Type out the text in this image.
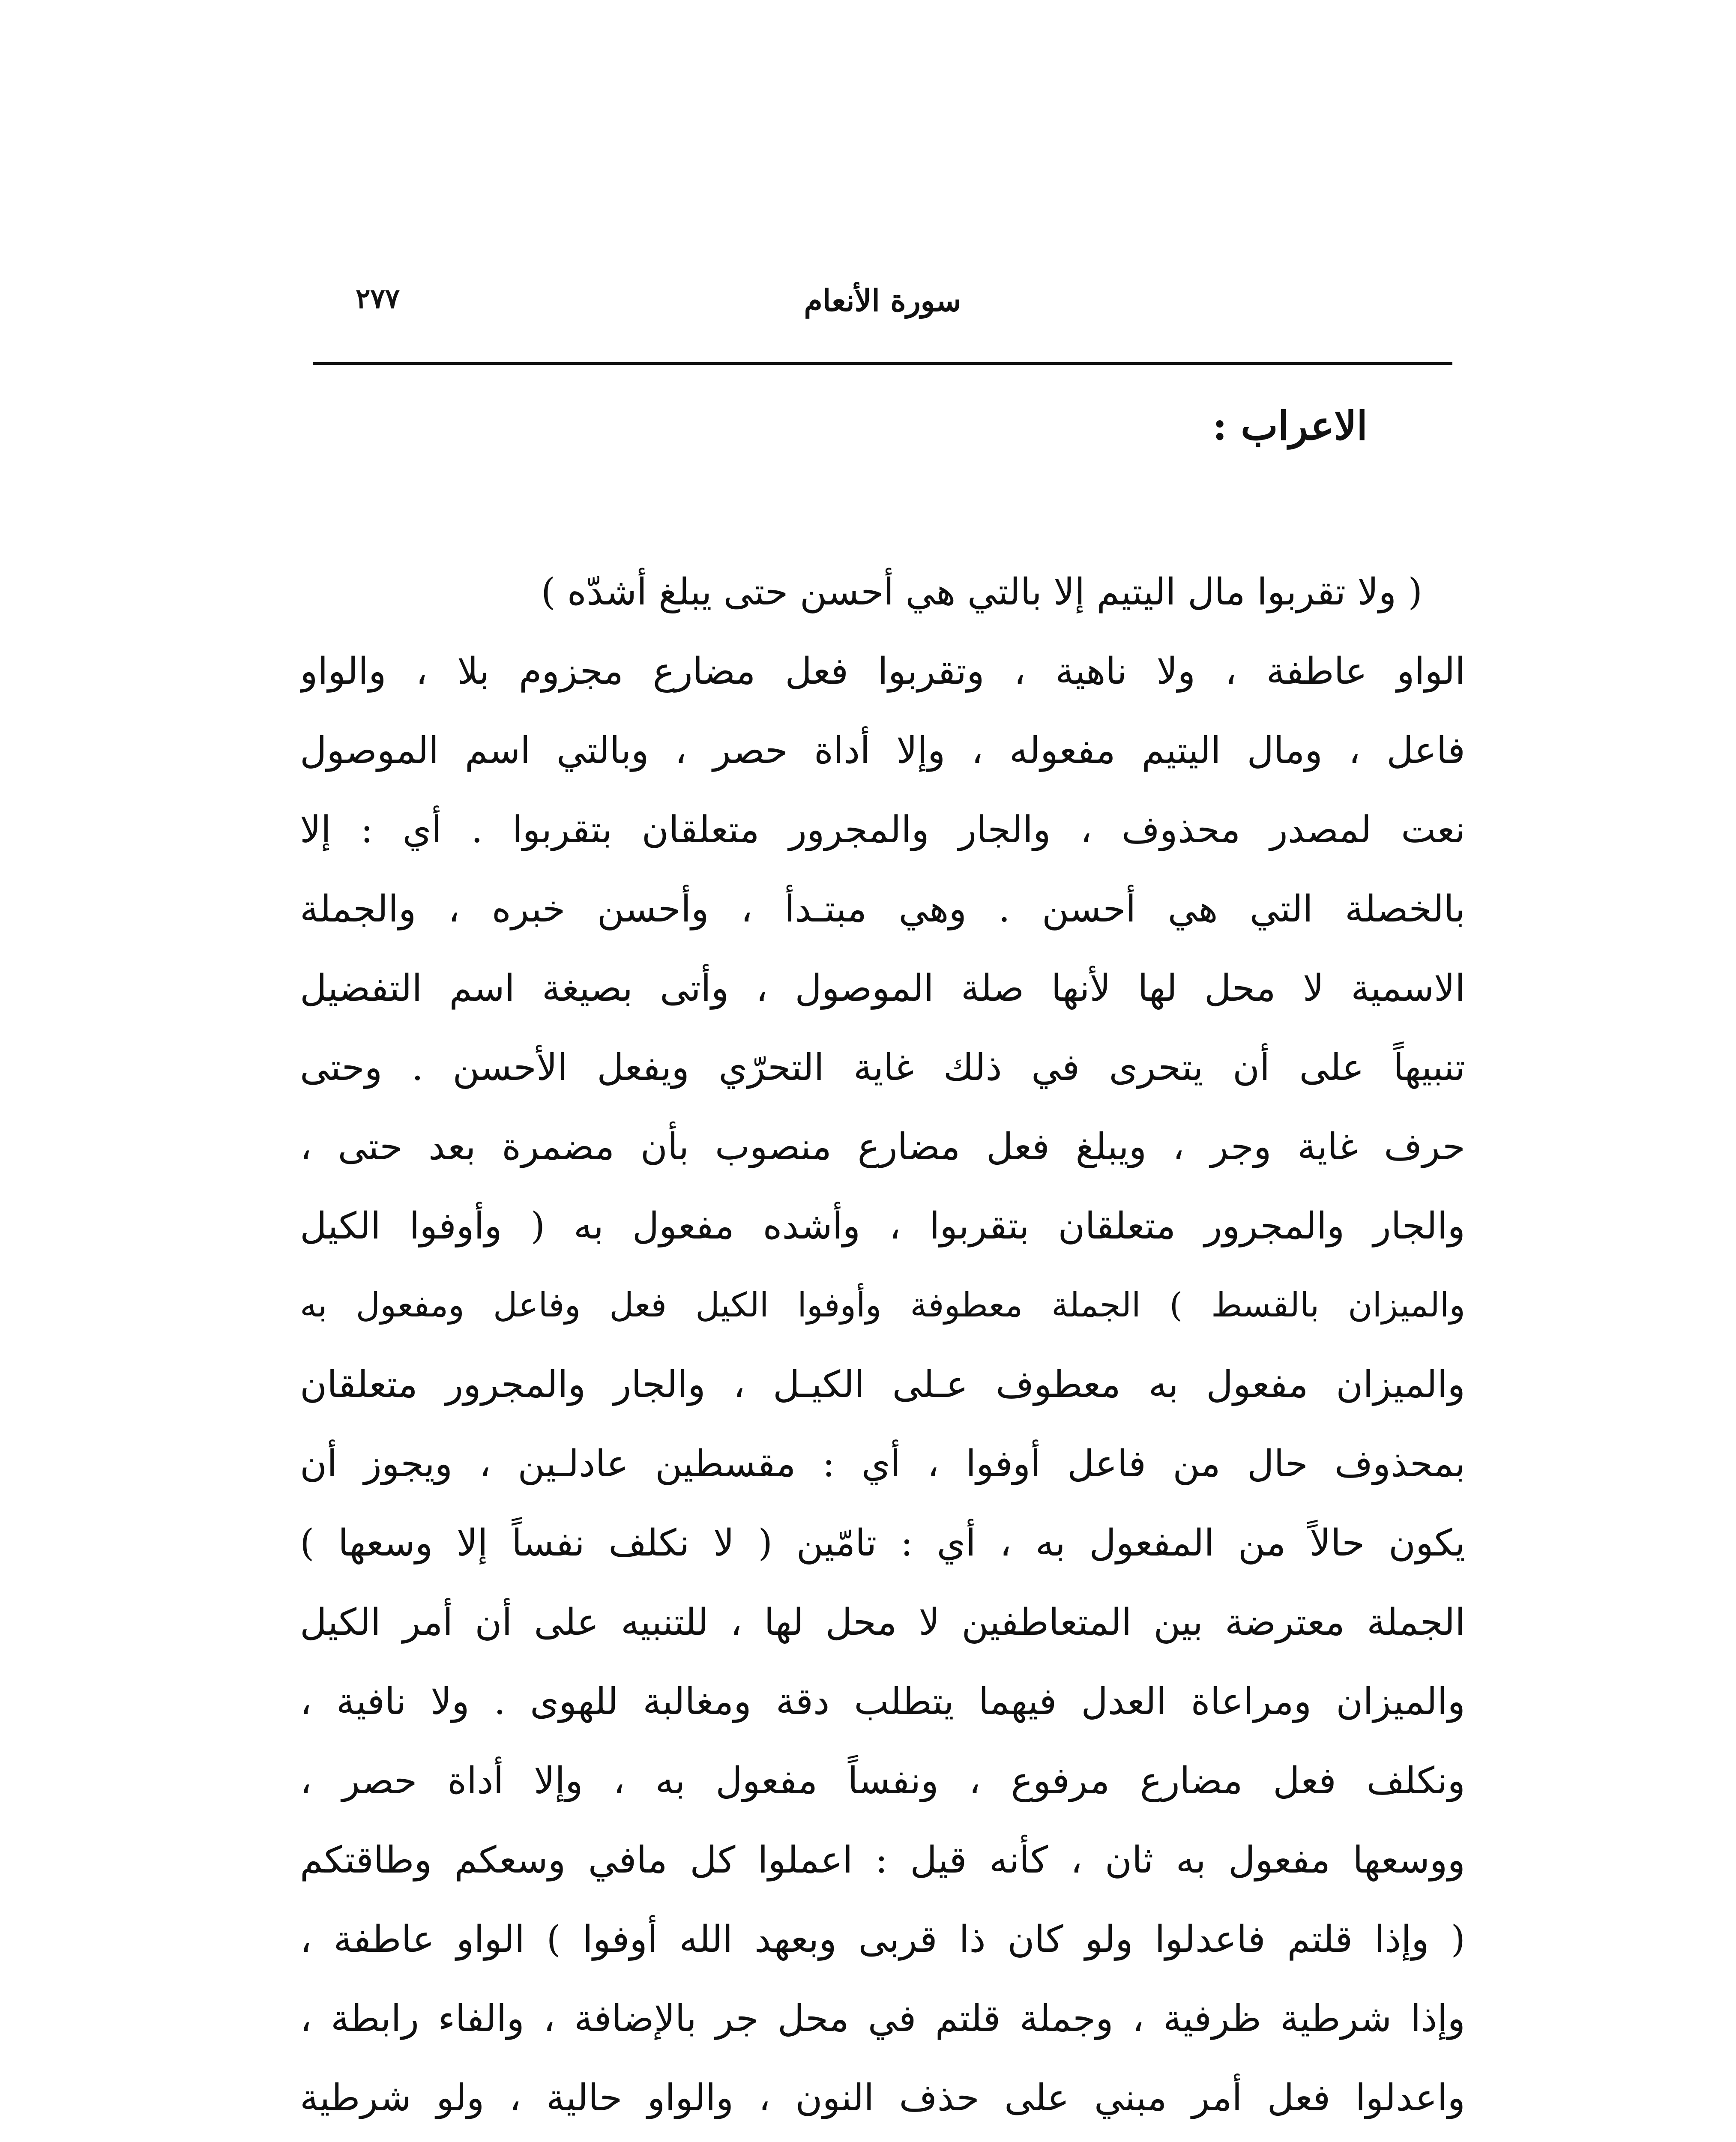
٢٧٧	سورة الأنعام
الاعراب :
( ولا تقربوا مال اليتيم إلا بالتي هي أحسن حتى يبلغ أشدّه )
الواو عاطفة ، ولا ناهية ، وتقربوا فعل مضارع مجزوم بلا ، والواو
فاعل ، ومال اليتيم مفعوله ، وإلا أداة حصر ، وبالتي اسم الموصول
نعت لمصدر محذوف ، والجار والمجرور متعلقان بتقربوا . أي : إلا
بالخصلة التي هي أحسن . وهي مبتـدأ ، وأحسن خبره ، والجملة
الاسمية لا محل لها لأنها صلة الموصول ، وأتى بصيغة اسم التفضيل
تنبيهاً على أن يتحرى في ذلك غاية التحرّي ويفعل الأحسن . وحتى
حرف غاية وجر ، ويبلغ فعل مضارع منصوب بأن مضمرة بعد حتى ،
والجار والمجرور متعلقان بتقربوا ، وأشده مفعول به ( وأوفوا الكيل
والميزان بالقسط ) الجملة معطوفة وأوفوا الكيل فعل وفاعل ومفعول به
والميزان مفعول به معطوف عـلى الكيـل ، والجار والمجرور متعلقان
بمحذوف حال من فاعل أوفوا ، أي : مقسطين عادلـين ، ويجوز أن
يكون حالاً من المفعول به ، أي : تامّين ( لا نكلف نفساً إلا وسعها )
الجملة معترضة بين المتعاطفين لا محل لها ، للتنبيه على أن أمر الكيل
والميزان ومراعاة العدل فيهما يتطلب دقة ومغالبة للهوى . ولا نافية ،
ونكلف فعل مضارع مرفوع ، ونفساً مفعول به ، وإلا أداة حصر ،
ووسعها مفعول به ثان ، كأنه قيل : اعملوا كل مافي وسعكم وطاقتكم
( وإذا قلتم فاعدلوا ولو كان ذا قربى وبعهد الله أوفوا ) الواو عاطفة ،
وإذا شرطية ظرفية ، وجملة قلتم في محل جر بالإضافة ، والفاء رابطة ،
واعدلوا فعل أمر مبني على حذف النون ، والواو حالية ، ولو شرطية
